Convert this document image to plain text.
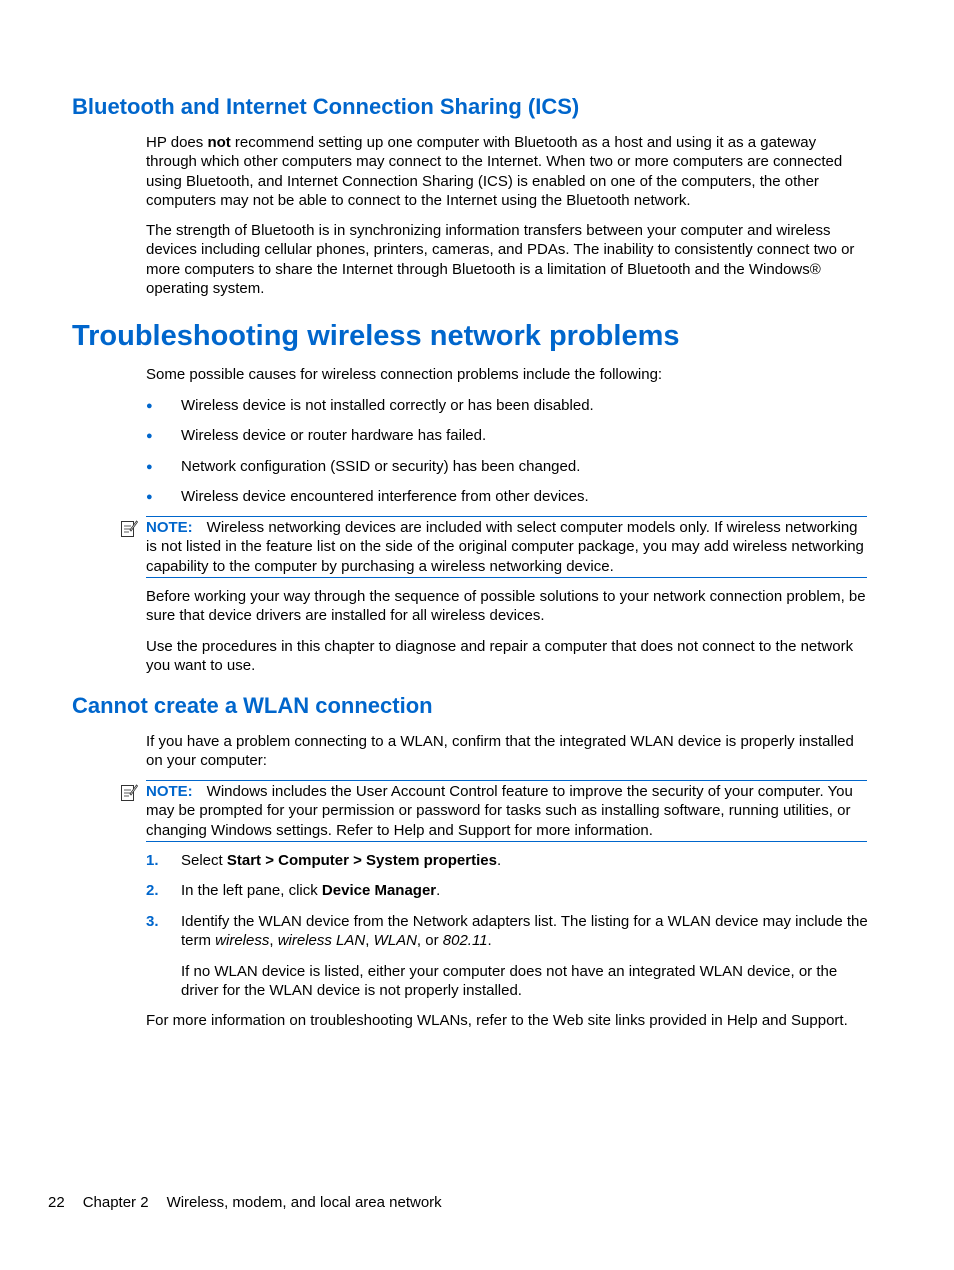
Bluetooth and Internet Connection Sharing (ICS)
HP does not recommend setting up one computer with Bluetooth as a host and using it as a gateway through which other computers may connect to the Internet. When two or more computers are connected using Bluetooth, and Internet Connection Sharing (ICS) is enabled on one of the computers, the other computers may not be able to connect to the Internet using the Bluetooth network.
The strength of Bluetooth is in synchronizing information transfers between your computer and wireless devices including cellular phones, printers, cameras, and PDAs. The inability to consistently connect two or more computers to share the Internet through Bluetooth is a limitation of Bluetooth and the Windows® operating system.
Troubleshooting wireless network problems
Some possible causes for wireless connection problems include the following:
● Wireless device is not installed correctly or has been disabled.
● Wireless device or router hardware has failed.
● Network configuration (SSID or security) has been changed.
● Wireless device encountered interference from other devices.
NOTE: Wireless networking devices are included with select computer models only. If wireless networking is not listed in the feature list on the side of the original computer package, you may add wireless networking capability to the computer by purchasing a wireless networking device.
Before working your way through the sequence of possible solutions to your network connection problem, be sure that device drivers are installed for all wireless devices.
Use the procedures in this chapter to diagnose and repair a computer that does not connect to the network you want to use.
Cannot create a WLAN connection
If you have a problem connecting to a WLAN, confirm that the integrated WLAN device is properly installed on your computer:
NOTE: Windows includes the User Account Control feature to improve the security of your computer. You may be prompted for your permission or password for tasks such as installing software, running utilities, or changing Windows settings. Refer to Help and Support for more information.
1. Select Start > Computer > System properties.
2. In the left pane, click Device Manager.
3. Identify the WLAN device from the Network adapters list. The listing for a WLAN device may include the term wireless, wireless LAN, WLAN, or 802.11.
If no WLAN device is listed, either your computer does not have an integrated WLAN device, or the driver for the WLAN device is not properly installed.
For more information on troubleshooting WLANs, refer to the Web site links provided in Help and Support.
22 Chapter 2 Wireless, modem, and local area network
